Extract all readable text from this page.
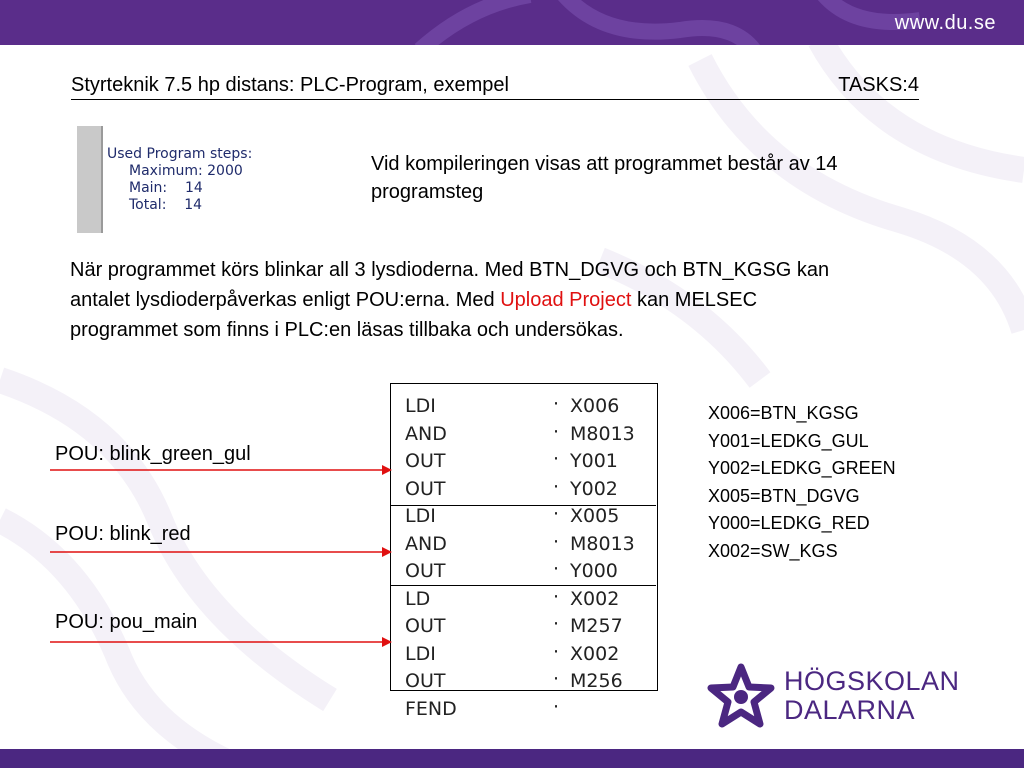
www.du.se
Styrteknik 7.5 hp distans: PLC-Program, exempel	TASKS:4
Used Program steps:
Maximum: 2000
Main:    14
Total:    14
Vid kompileringen visas att programmet består av 14 programsteg
När programmet körs blinkar all 3 lysdioderna. Med BTN_DGVG och BTN_KGSG kan antalet lysdioderpåverkas enligt POU:erna. Med Upload Project kan MELSEC programmet som finns i PLC:en läsas tillbaka och undersökas.
LDI	· X006
AND	· M8013
OUT	· Y001
OUT	· Y002
LDI	· X005
AND	· M8013
OUT	· Y000
LD	· X002
OUT	· M257
LDI	· X002
OUT	· M256
FEND	·
POU: blink_green_gul
POU: blink_red
POU: pou_main
X006=BTN_KGSG
Y001=LEDKG_GUL
Y002=LEDKG_GREEN
X005=BTN_DGVG
Y000=LEDKG_RED
X002=SW_KGS
HÖGSKOLAN
DALARNA
